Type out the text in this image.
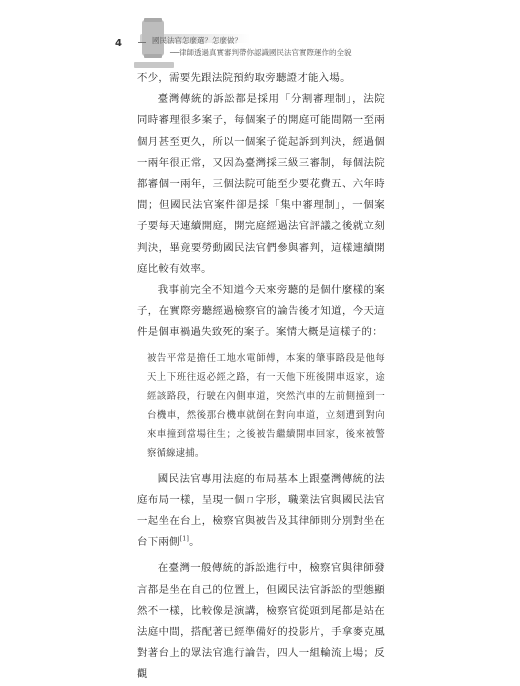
4	國民法官怎麼選？怎麼做？
──律師透過真實審判帶你認識國民法官實際運作的全貌

不少，需要先跟法院預約取旁聽證才能入場。

臺灣傳統的訴訟都是採用「分割審理制」，法院同時審理很多案子，每個案子的開庭可能間隔一至兩個月甚至更久，所以一個案子從起訴到判決，經過個一兩年很正常，又因為臺灣採三級三審制，每個法院都審個一兩年，三個法院可能至少要花費五、六年時間；但國民法官案件卻是採「集中審理制」，一個案子要每天連續開庭，開完庭經過法官評議之後就立刻判決，畢竟要勞動國民法官們參與審判，這樣連續開庭比較有效率。

我事前完全不知道今天來旁聽的是個什麼樣的案子，在實際旁聽經過檢察官的論告後才知道，今天這件是個車禍過失致死的案子。案情大概是這樣子的：

被告平常是擔任工地水電師傅，本案的肇事路段是他每天上下班往返必經之路，有一天他下班後開車返家，途經該路段，行駛在內側車道，突然汽車的左前側撞到一台機車，然後那台機車就倒在對向車道，立刻遭到對向來車撞到當場往生；之後被告繼續開車回家，後來被警察循線逮捕。

國民法官專用法庭的布局基本上跟臺灣傳統的法庭布局一樣，呈現一個ㄇ字形，職業法官與國民法官一起坐在台上，檢察官與被告及其律師則分別對坐在台下兩側[1]。

在臺灣一般傳統的訴訟進行中，檢察官與律師發言都是坐在自己的位置上，但國民法官訴訟的型態顯然不一樣，比較像是演講，檢察官從頭到尾都是站在法庭中間，搭配著已經準備好的投影片，手拿麥克風對著台上的眾法官進行論告，四人一組輪流上場；反觀
